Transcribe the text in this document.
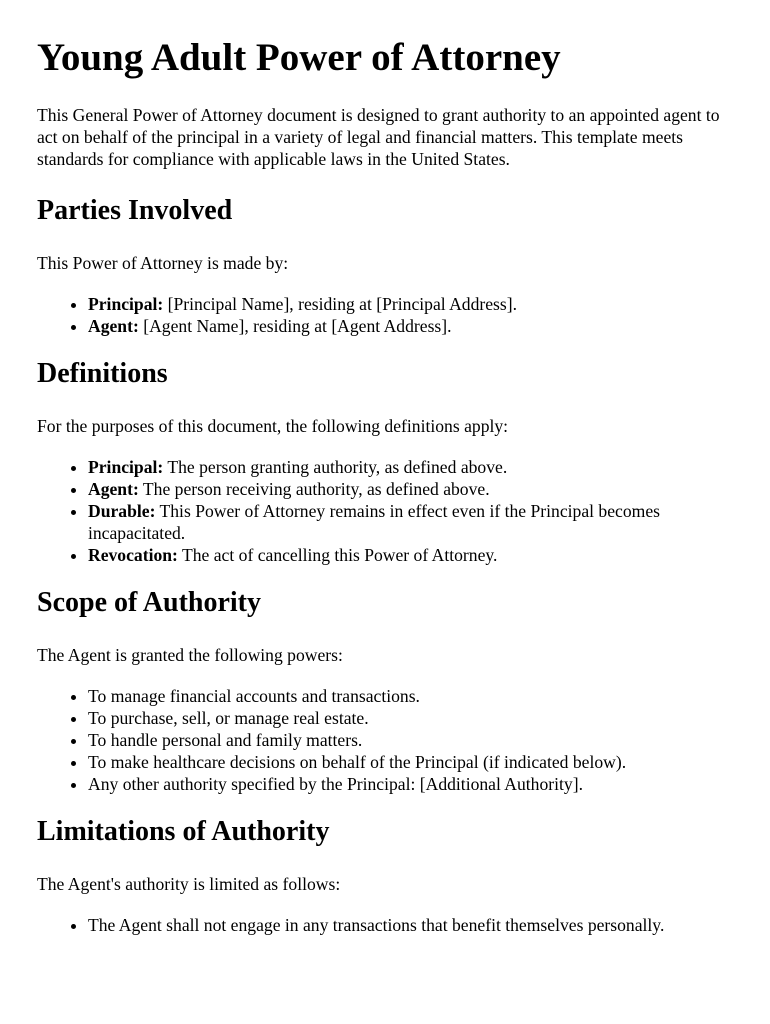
Young Adult Power of Attorney

This General Power of Attorney document is designed to grant authority to an appointed agent to act on behalf of the principal in a variety of legal and financial matters. This template meets standards for compliance with applicable laws in the United States.

Parties Involved

This Power of Attorney is made by:

• Principal: [Principal Name], residing at [Principal Address].
• Agent: [Agent Name], residing at [Agent Address].
Definitions

For the purposes of this document, the following definitions apply:

• Principal: The person granting authority, as defined above.
• Agent: The person receiving authority, as defined above.
• Durable: This Power of Attorney remains in effect even if the Principal becomes incapacitated.
• Revocation: The act of cancelling this Power of Attorney.
Scope of Authority

The Agent is granted the following powers:

• To manage financial accounts and transactions.
• To purchase, sell, or manage real estate.
• To handle personal and family matters.
• To make healthcare decisions on behalf of the Principal (if indicated below).
• Any other authority specified by the Principal: [Additional Authority].
Limitations of Authority

The Agent's authority is limited as follows:

• The Agent shall not engage in any transactions that benefit themselves personally.
